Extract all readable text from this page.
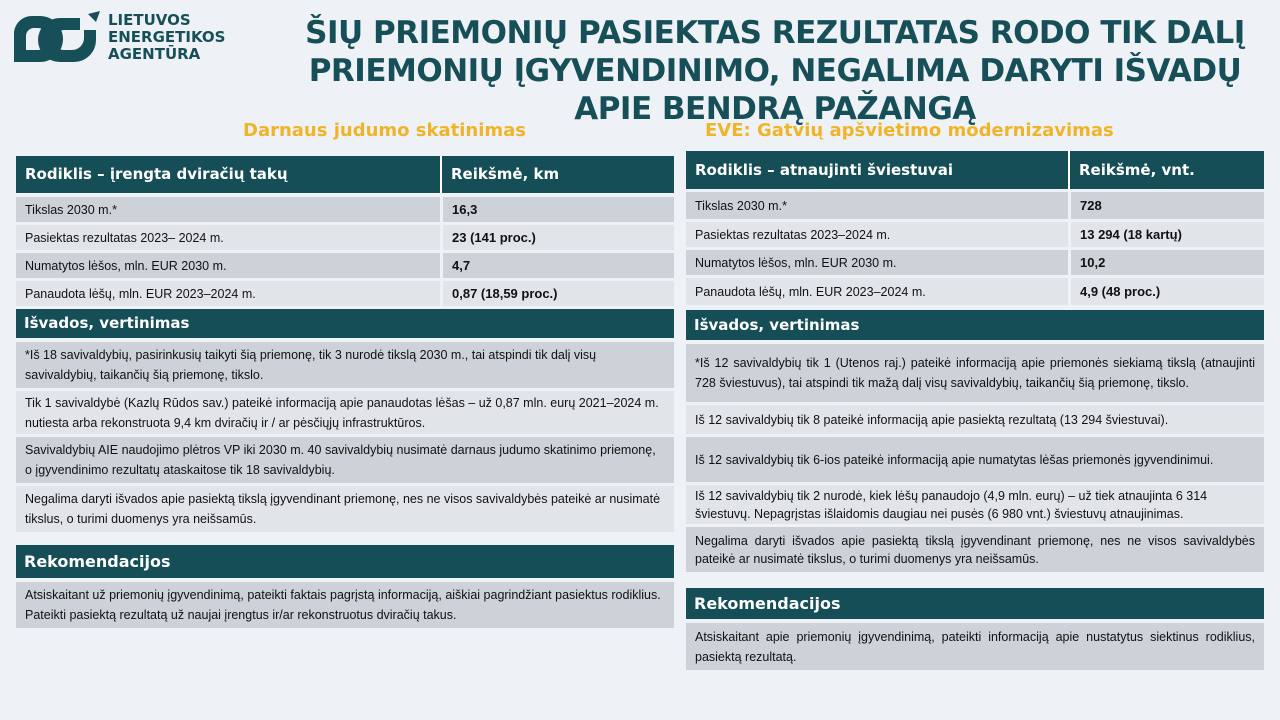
LIETUVOS
ENERGETIKOS
AGENTŪRA
ŠIŲ PRIEMONIŲ PASIEKTAS REZULTATAS RODO TIK DALĮ PRIEMONIŲ ĮGYVENDINIMO, NEGALIMA DARYTI IŠVADŲ APIE BENDRĄ PAŽANGĄ
Darnaus judumo skatinimas
Rodiklis – įrengta dviračių takų	Reikšmė, km
Tikslas 2030 m.*	16,3
Pasiektas rezultatas 2023– 2024 m.	23 (141 proc.)
Numatytos lėšos, mln. EUR 2030 m.	4,7
Panaudota lėšų, mln. EUR 2023–2024 m.	0,87 (18,59 proc.)
Išvados, vertinimas
*Iš 18 savivaldybių, pasirinkusių taikyti šią priemonę, tik 3 nurodė tikslą 2030 m., tai atspindi tik dalį visų savivaldybių, taikančių šią priemonę, tikslo.
Tik 1 savivaldybė (Kazlų Rūdos sav.) pateikė informaciją apie panaudotas lėšas – už 0,87 mln. eurų 2021–2024 m. nutiesta arba rekonstruota 9,4 km dviračių ir / ar pėsčiųjų infrastruktūros.
Savivaldybių AIE naudojimo plėtros VP iki 2030 m. 40 savivaldybių nusimatė darnaus judumo skatinimo priemonę, o įgyvendinimo rezultatų ataskaitose tik 18 savivaldybių.
Negalima daryti išvados apie pasiektą tikslą įgyvendinant priemonę, nes ne visos savivaldybės pateikė ar nusimatė tikslus, o turimi duomenys yra neišsamūs.
Rekomendacijos
Atsiskaitant už priemonių įgyvendinimą, pateikti faktais pagrįstą informaciją, aiškiai pagrindžiant pasiektus rodiklius. Pateikti pasiektą rezultatą už naujai įrengtus ir/ar rekonstruotus dviračių takus.
EVE: Gatvių apšvietimo modernizavimas
Rodiklis – atnaujinti šviestuvai	Reikšmė, vnt.
Tikslas 2030 m.*	728
Pasiektas rezultatas 2023–2024 m.	13 294 (18 kartų)
Numatytos lėšos, mln. EUR 2030 m.	10,2
Panaudota lėšų, mln. EUR 2023–2024 m.	4,9 (48 proc.)
Išvados, vertinimas
*Iš 12 savivaldybių tik 1 (Utenos raj.) pateikė informaciją apie priemonės siekiamą tikslą (atnaujinti 728 šviestuvus), tai atspindi tik mažą dalį visų savivaldybių, taikančių šią priemonę, tikslo.
Iš 12 savivaldybių tik 8 pateikė informaciją apie pasiektą rezultatą (13 294 šviestuvai).
Iš 12 savivaldybių tik 6-ios pateikė informaciją apie numatytas lėšas priemonės įgyvendinimui.
Iš 12 savivaldybių tik 2 nurodė, kiek lėšų panaudojo (4,9 mln. eurų) – už tiek atnaujinta 6 314 šviestuvų. Nepagrįstas išlaidomis daugiau nei pusės (6 980 vnt.) šviestuvų atnaujinimas.
Negalima daryti išvados apie pasiektą tikslą įgyvendinant priemonę, nes ne visos savivaldybės pateikė ar nusimatė tikslus, o turimi duomenys yra neišsamūs.
Rekomendacijos
Atsiskaitant apie priemonių įgyvendinimą, pateikti informaciją apie nustatytus siektinus rodiklius, pasiektą rezultatą.
